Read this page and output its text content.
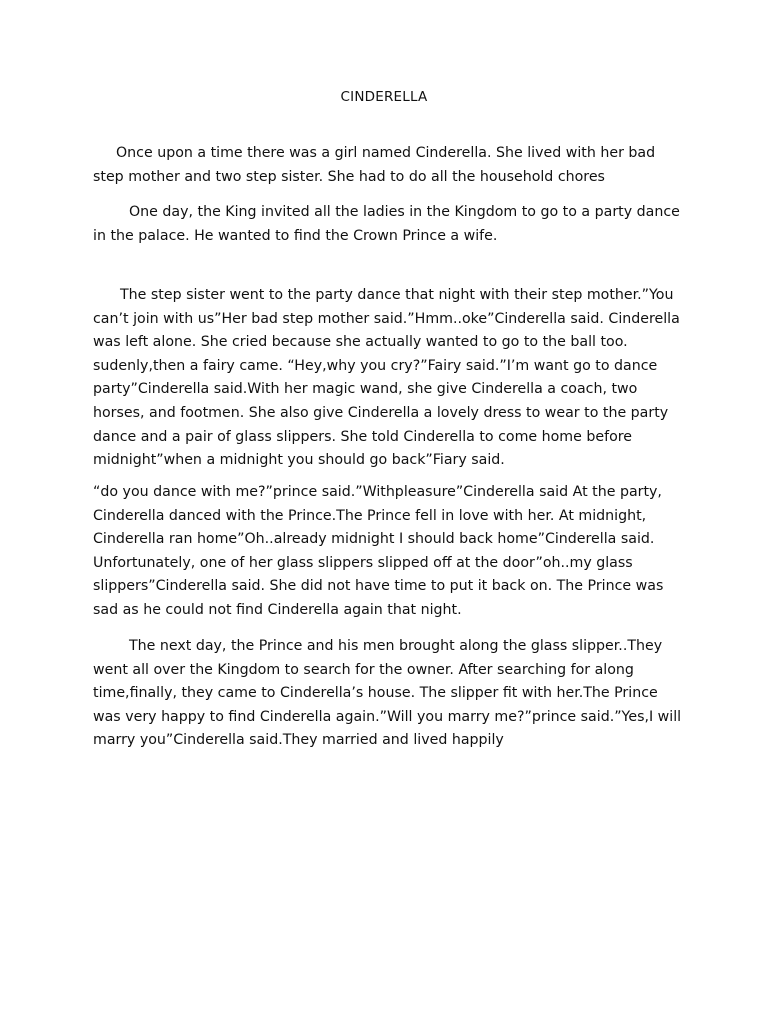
CINDERELLA

Once upon a time there was a girl named Cinderella. She lived with her bad step mother and two step sister. She had to do all the household chores

One day, the King invited all the ladies in the Kingdom to go to a party dance in the palace. He wanted to find the Crown Prince a wife.

The step sister went to the party dance that night with their step mother.”You can’t join with us”Her bad step mother said.”Hmm..oke”Cinderella said. Cinderella was left alone. She cried because she actually wanted to go to the ball too. sudenly,then a fairy came. “Hey,why you cry?”Fairy said.”I’m want go to dance party”Cinderella said.With her magic wand, she give Cinderella a coach, two horses, and footmen. She also give Cinderella a lovely dress to wear to the party dance and a pair of glass slippers. She told Cinderella to come home before midnight”when a midnight you should go back”Fiary said.

“do you dance with me?”prince said.”Withpleasure”Cinderella said At the party, Cinderella danced with the Prince.The Prince fell in love with her. At midnight, Cinderella ran home”Oh..already midnight I should back home”Cinderella said. Unfortunately, one of her glass slippers slipped off at the door”oh..my glass slippers”Cinderella said. She did not have time to put it back on. The Prince was sad as he could not find Cinderella again that night.

The next day, the Prince and his men brought along the glass slipper..They went all over the Kingdom to search for the owner. After searching for along time,finally, they came to Cinderella’s house. The slipper fit with her.The Prince was very happy to find Cinderella again.”Will you marry me?”prince said.”Yes,I will marry you”Cinderella said.They married and lived happily
